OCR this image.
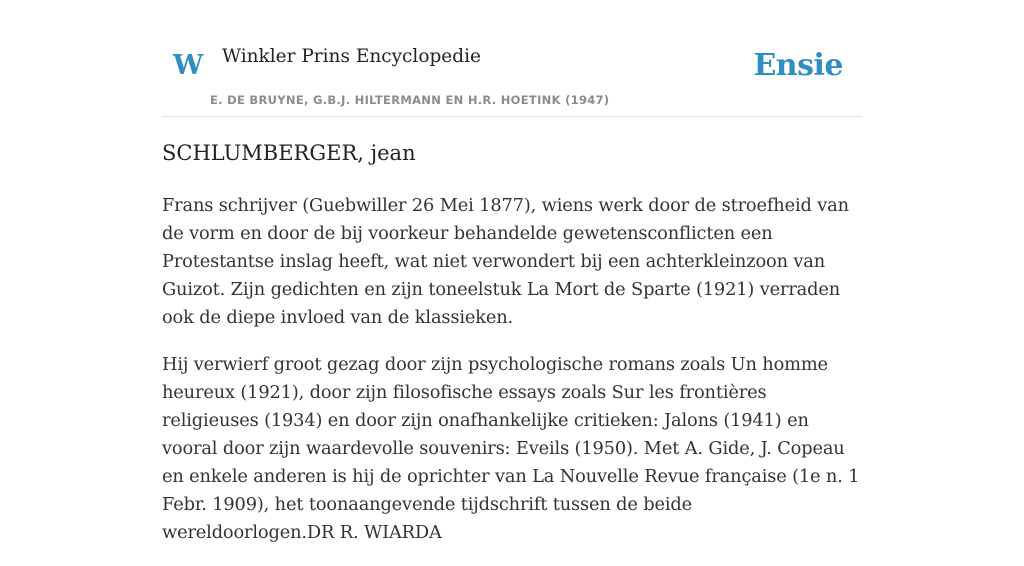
W Winkler Prins Encyclopedie
E. DE BRUYNE, G.B.J. HILTERMANN EN H.R. HOETINK (1947)
Ensie
SCHLUMBERGER, jean

Frans schrijver (Guebwiller 26 Mei 1877), wiens werk door de stroefheid van de vorm en door de bij voorkeur behandelde gewetensconflicten een Protestantse inslag heeft, wat niet verwondert bij een achterkleinzoon van Guizot. Zijn gedichten en zijn toneelstuk La Mort de Sparte (1921) verraden ook de diepe invloed van de klassieken.

Hij verwierf groot gezag door zijn psychologische romans zoals Un homme heureux (1921), door zijn filosofische essays zoals Sur les frontières religieuses (1934) en door zijn onafhankelijke critieken: Jalons (1941) en vooral door zijn waardevolle souvenirs: Eveils (1950). Met A. Gide, J. Copeau en enkele anderen is hij de oprichter van La Nouvelle Revue française (1e n. 1 Febr. 1909), het toonaangevende tijdschrift tussen de beide wereldoorlogen.DR R. WIARDA
